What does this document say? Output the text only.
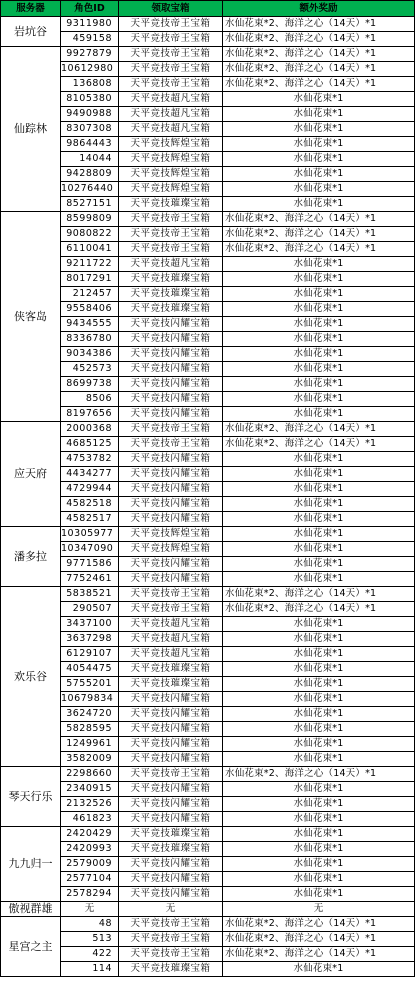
服务器	角色ID	领取宝箱	额外奖励
岩坑谷	9311980	天平竞技帝王宝箱	水仙花束*2、海洋之心（14天）*1
	459158	天平竞技帝王宝箱	水仙花束*2、海洋之心（14天）*1
仙踪林	9927879	天平竞技帝王宝箱	水仙花束*2、海洋之心（14天）*1
	10612980	天平竞技帝王宝箱	水仙花束*2、海洋之心（14天）*1
	136808	天平竞技帝王宝箱	水仙花束*2、海洋之心（14天）*1
	8105380	天平竞技超凡宝箱	水仙花束*1
	9490988	天平竞技超凡宝箱	水仙花束*1
	8307308	天平竞技超凡宝箱	水仙花束*1
	9864443	天平竞技辉煌宝箱	水仙花束*1
	14044	天平竞技辉煌宝箱	水仙花束*1
	9428809	天平竞技辉煌宝箱	水仙花束*1
	10276440	天平竞技辉煌宝箱	水仙花束*1
	8527151	天平竞技璀璨宝箱	水仙花束*1
侠客岛	8599809	天平竞技帝王宝箱	水仙花束*2、海洋之心（14天）*1
	9080822	天平竞技帝王宝箱	水仙花束*2、海洋之心（14天）*1
	6110041	天平竞技帝王宝箱	水仙花束*2、海洋之心（14天）*1
	9211722	天平竞技超凡宝箱	水仙花束*1
	8017291	天平竞技璀璨宝箱	水仙花束*1
	212457	天平竞技璀璨宝箱	水仙花束*1
	9558406	天平竞技璀璨宝箱	水仙花束*1
	9434555	天平竞技闪耀宝箱	水仙花束*1
	8336780	天平竞技闪耀宝箱	水仙花束*1
	9034386	天平竞技闪耀宝箱	水仙花束*1
	452573	天平竞技闪耀宝箱	水仙花束*1
	8699738	天平竞技闪耀宝箱	水仙花束*1
	8506	天平竞技闪耀宝箱	水仙花束*1
	8197656	天平竞技闪耀宝箱	水仙花束*1
应天府	2000368	天平竞技帝王宝箱	水仙花束*2、海洋之心（14天）*1
	4685125	天平竞技帝王宝箱	水仙花束*2、海洋之心（14天）*1
	4753782	天平竞技闪耀宝箱	水仙花束*1
	4434277	天平竞技闪耀宝箱	水仙花束*1
	4729944	天平竞技闪耀宝箱	水仙花束*1
	4582518	天平竞技闪耀宝箱	水仙花束*1
	4582517	天平竞技闪耀宝箱	水仙花束*1
潘多拉	10305977	天平竞技辉煌宝箱	水仙花束*1
	10347090	天平竞技辉煌宝箱	水仙花束*1
	9771586	天平竞技闪耀宝箱	水仙花束*1
	7752461	天平竞技闪耀宝箱	水仙花束*1
欢乐谷	5838521	天平竞技帝王宝箱	水仙花束*2、海洋之心（14天）*1
	290507	天平竞技帝王宝箱	水仙花束*2、海洋之心（14天）*1
	3437100	天平竞技超凡宝箱	水仙花束*1
	3637298	天平竞技超凡宝箱	水仙花束*1
	6129107	天平竞技超凡宝箱	水仙花束*1
	4054475	天平竞技璀璨宝箱	水仙花束*1
	5755201	天平竞技璀璨宝箱	水仙花束*1
	10679834	天平竞技闪耀宝箱	水仙花束*1
	3624720	天平竞技闪耀宝箱	水仙花束*1
	5828595	天平竞技闪耀宝箱	水仙花束*1
	1249961	天平竞技闪耀宝箱	水仙花束*1
	3582009	天平竞技闪耀宝箱	水仙花束*1
琴天行乐	2298660	天平竞技帝王宝箱	水仙花束*2、海洋之心（14天）*1
	2340915	天平竞技闪耀宝箱	水仙花束*1
	2132526	天平竞技闪耀宝箱	水仙花束*1
	461823	天平竞技闪耀宝箱	水仙花束*1
九九归一	2420429	天平竞技璀璨宝箱	水仙花束*1
	2420993	天平竞技璀璨宝箱	水仙花束*1
	2579009	天平竞技闪耀宝箱	水仙花束*1
	2577104	天平竞技闪耀宝箱	水仙花束*1
	2578294	天平竞技闪耀宝箱	水仙花束*1
傲视群雄	无	无	无
星宫之主	48	天平竞技帝王宝箱	水仙花束*2、海洋之心（14天）*1
	513	天平竞技帝王宝箱	水仙花束*2、海洋之心（14天）*1
	422	天平竞技帝王宝箱	水仙花束*2、海洋之心（14天）*1
	114	天平竞技璀璨宝箱	水仙花束*1
